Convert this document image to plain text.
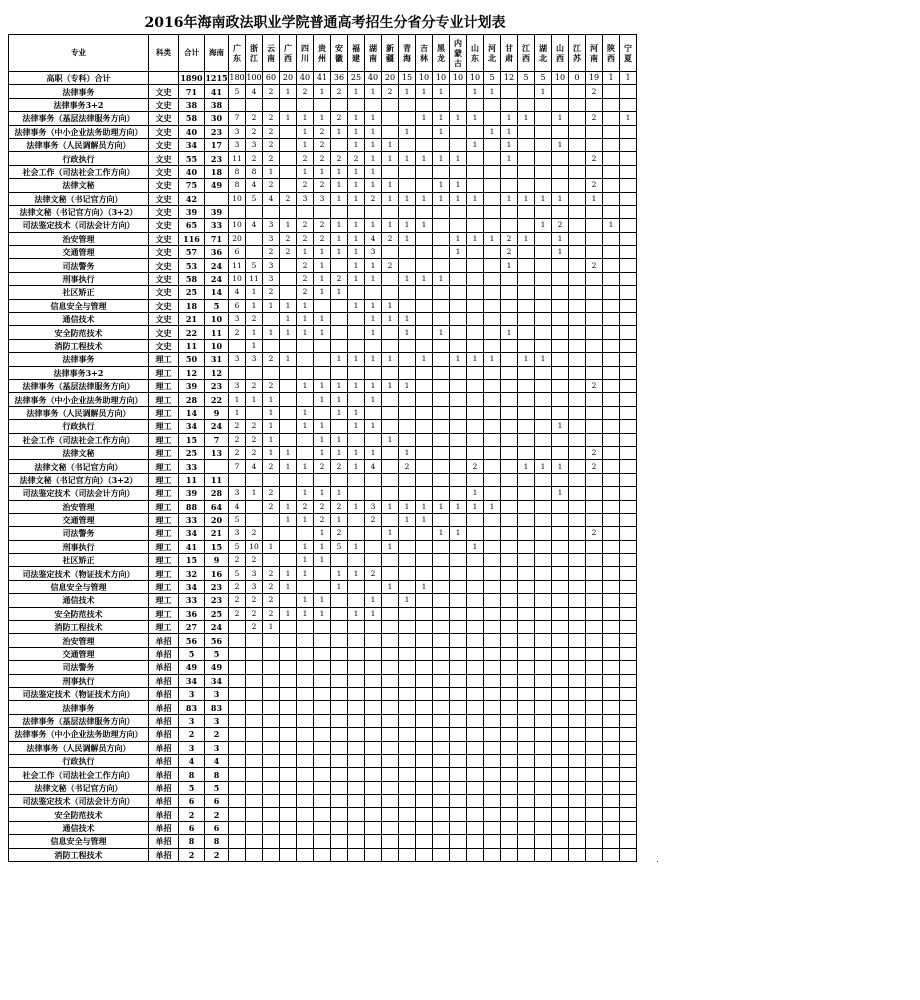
2016年海南政法职业学院普通高考招生分省分专业计划表
专业	科类	合计	海南	广东	浙江	云南	广西	四川	贵州	安徽	福建	湖南	新疆	青海	吉林	黑龙	内蒙古	山东	河北	甘肃	江西	湖北	山西	江苏	河南	陕西	宁夏

高职（专科）合计		1890	1215	180	100	60	20	40	41	36	25	40	20	15	10	10	10	10	5	12	5	5	10	0	19	1	1
法律事务	文史	71	41	5	4	2	1	2	1	2	1	1	2	1	1	1		1	1			1			2		
法律事务3+2	文史	38	38																								
法律事务（基层法律服务方向）	文史	58	30	7	2	2	1	1	1	2	1	1			1	1	1	1		1	1		1		2		1
法律事务（中小企业法务助理方向）	文史	40	23	3	2	2		1	2	1	1	1		1		1			1	1							
法律事务（人民调解员方向）	文史	34	17	3	3	2		1	2		1	1	1					1		1			1				
行政执行	文史	55	23	11	2	2		2	2	2	2	1	1	1	1	1	1			1					2		
社会工作（司法社会工作方向）	文史	40	18	8	8	1		1	1	1	1	1															
法律文秘	文史	75	49	8	4	2		2	2	1	1	1	1			1	1								2		
法律文秘（书记官方向）	文史	42		10	5	4	2	3	3	1	1	2	1	1	1	1	1	1		1	1	1	1		1		
法律文秘（书记官方向）（3+2）	文史	39	39																								
司法鉴定技术（司法会计方向）	文史	65	33	10	4	3	1	2	2	1	1	1	1	1	1							1	2			1	
治安管理	文史	116	71	20		3	2	2	2	1	1	4	2	1			1	1	1	2	1		1				
交通管理	文史	57	36	6		2	2	1	1	1	1	3					1			2			1				
司法警务	文史	53	24	11	5	3		2	1		1	1	2							1					2		
刑事执行	文史	58	24	10	11	3		2	1	2	1	1		1	1	1											
社区矫正	文史	25	14	4	1	2		2	1	1																	
信息安全与管理	文史	18	5	6	1	1	1	1			1	1	1														
通信技术	文史	21	10	3	2		1	1	1			1	1	1													
安全防范技术	文史	22	11	2	1	1	1	1	1			1		1		1				1							
消防工程技术	文史	11	10		1																						
法律事务	理工	50	31	3	3	2	1			1	1	1	1		1		1	1	1		1	1					
法律事务3+2	理工	12	12																								
法律事务（基层法律服务方向）	理工	39	23	3	2	2		1	1	1	1	1	1	1											2		
法律事务（中小企业法务助理方向）	理工	28	22	1	1	1			1	1		1															
法律事务（人民调解员方向）	理工	14	9	1		1		1		1	1																
行政执行	理工	34	24	2	2	1		1	1		1	1											1				
社会工作（司法社会工作方向）	理工	15	7	2	2	1			1	1			1														
法律文秘	理工	25	13	2	2	1	1		1	1	1	1		1											2		
法律文秘（书记官方向）	理工	33		7	4	2	1	1	2	2	1	4		2				2			1	1	1		2		
法律文秘（书记官方向）（3+2）	理工	11	11																								
司法鉴定技术（司法会计方向）	理工	39	28	3	1	2		1	1	1								1					1				
治安管理	理工	88	64	4		2	1	2	2	2	1	3	1	1	1	1	1	1	1								
交通管理	理工	33	20	5			1	1	2	1		2		1	1												
司法警务	理工	34	21	3	2				1	2			1			1	1								2		
刑事执行	理工	41	15	5	10	1		1	1	5	1		1					1									
社区矫正	理工	15	9	2	2			1	1																		
司法鉴定技术（物证技术方向）	理工	32	16	5	3	2	1	1		1	1	2															
信息安全与管理	理工	34	23	2	3	2	1			1			1		1												
通信技术	理工	33	23	2	2	2		1	1			1		1													
安全防范技术	理工	36	25	2	2	2	1	1	1		1	1															
消防工程技术	理工	27	24		2	1																					
治安管理	单招	56	56																								
交通管理	单招	5	5																								
司法警务	单招	49	49																								
刑事执行	单招	34	34																								
司法鉴定技术（物证技术方向）	单招	3	3																								
法律事务	单招	83	83																								
法律事务（基层法律服务方向）	单招	3	3																								
法律事务（中小企业法务助理方向）	单招	2	2																								
法律事务（人民调解员方向）	单招	3	3																								
行政执行	单招	4	4																								
社会工作（司法社会工作方向）	单招	8	8																								
法律文秘（书记官方向）	单招	5	5																								
司法鉴定技术（司法会计方向）	单招	6	6																								
安全防范技术	单招	2	2																								
通信技术	单招	6	6																								
信息安全与管理	单招	8	8																								
消防工程技术	单招	2	2																								
